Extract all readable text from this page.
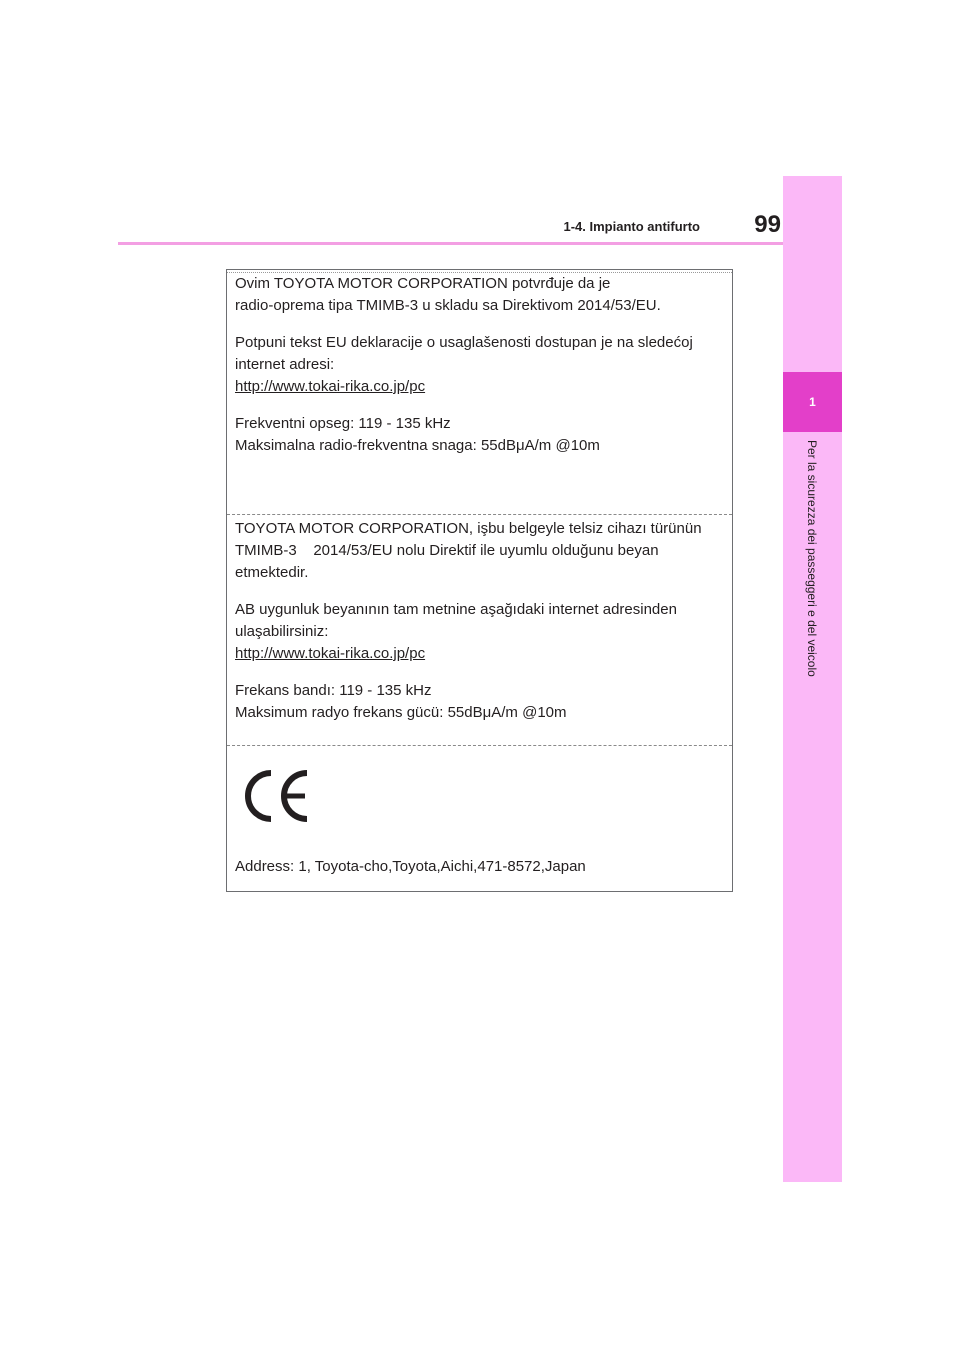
1-4. Impianto antifurto	99
1
Per la sicurezza dei passeggeri e del veicolo

Ovim TOYOTA MOTOR CORPORATION potvrđuje da je

radio-oprema tipa TMIMB-3 u skladu sa Direktivom 2014/53/EU.

Potpuni tekst EU deklaracije o usaglašenosti dostupan je na sledećoj

internet adresi:

http://www.tokai-rika.co.jp/pc

Frekventni opseg: 119 - 135 kHz

Maksimalna radio-frekventna snaga: 55dBμA/m @10m

TOYOTA MOTOR CORPORATION, işbu belgeyle telsiz cihazı türünün

TMIMB-3    2014/53/EU nolu Direktif ile uyumlu olduğunu beyan

etmektedir.

AB uygunluk beyanının tam metnine aşağıdaki internet adresinden

ulaşabilirsiniz:

http://www.tokai-rika.co.jp/pc

Frekans bandı: 119 - 135 kHz

Maksimum radyo frekans gücü: 55dBμA/m @10m

Address: 1, Toyota-cho,Toyota,Aichi,471-8572,Japan
